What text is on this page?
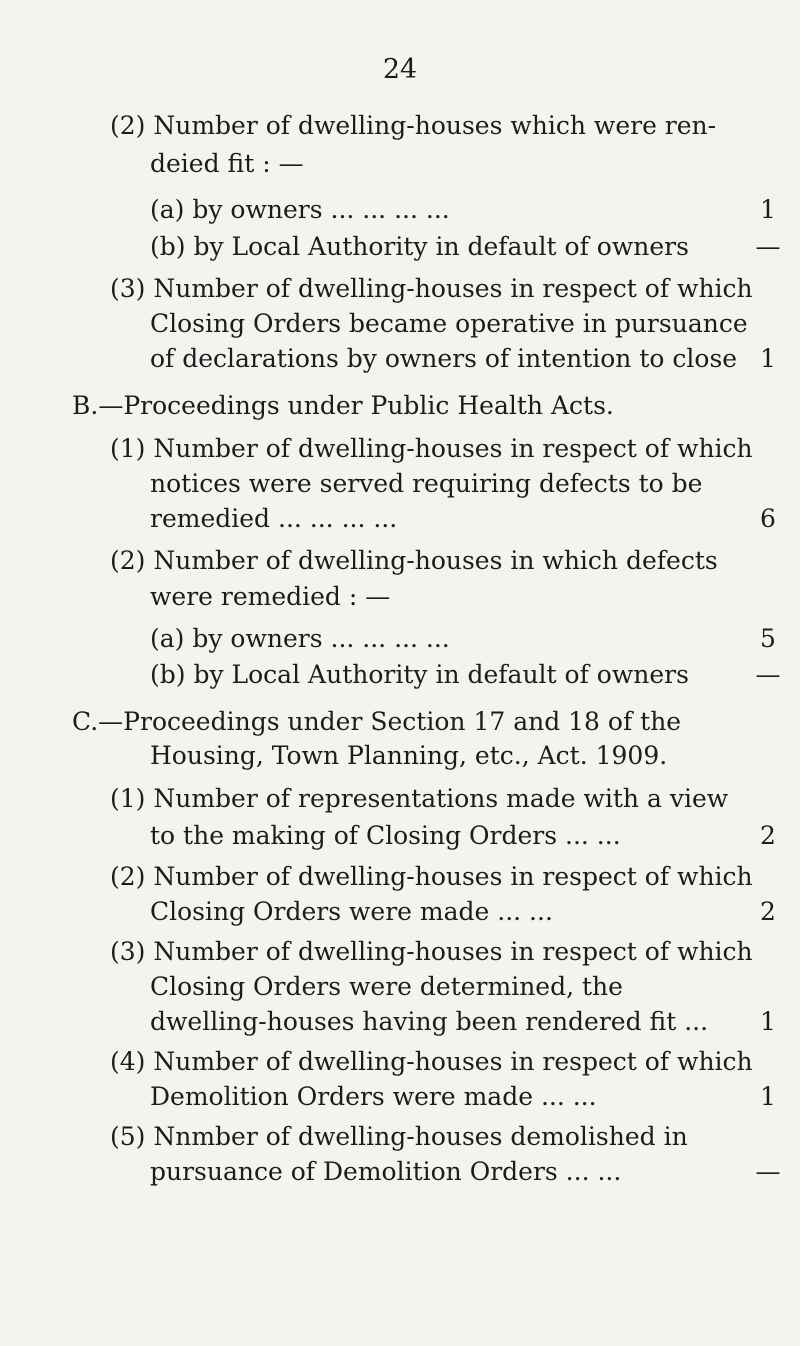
24
(2) Number of dwelling-houses which were ren-
deied fit : —
(a) by owners ... ... ... ...	1
(b) by Local Authority in default of owners	—
(3) Number of dwelling-houses in respect of which
Closing Orders became operative in pursuance
of declarations by owners of intention to close 1
B.—Proceedings under Public Health Acts.
(1) Number of dwelling-houses in respect of which
notices were served requiring defects to be
remedied ... ... ... ...	6
(2) Number of dwelling-houses in which defects
were remedied : —
(a) by owners ... ... ... ...	5
(b) by Local Authority in default of owners	—
C.—Proceedings under Section 17 and 18 of the
Housing, Town Planning, etc., Act. 1909.
(1) Number of representations made with a view
to the making of Closing Orders ... ...	2
(2) Number of dwelling-houses in respect of which
Closing Orders were made ... ...	2
(3) Number of dwelling-houses in respect of which
Closing Orders were determined, the
dwelling-houses having been rendered fit ...	1
(4) Number of dwelling-houses in respect of which
Demolition Orders were made ... ...	1
(5) Nnmber of dwelling-houses demolished in
pursuance of Demolition Orders ... ...	—
